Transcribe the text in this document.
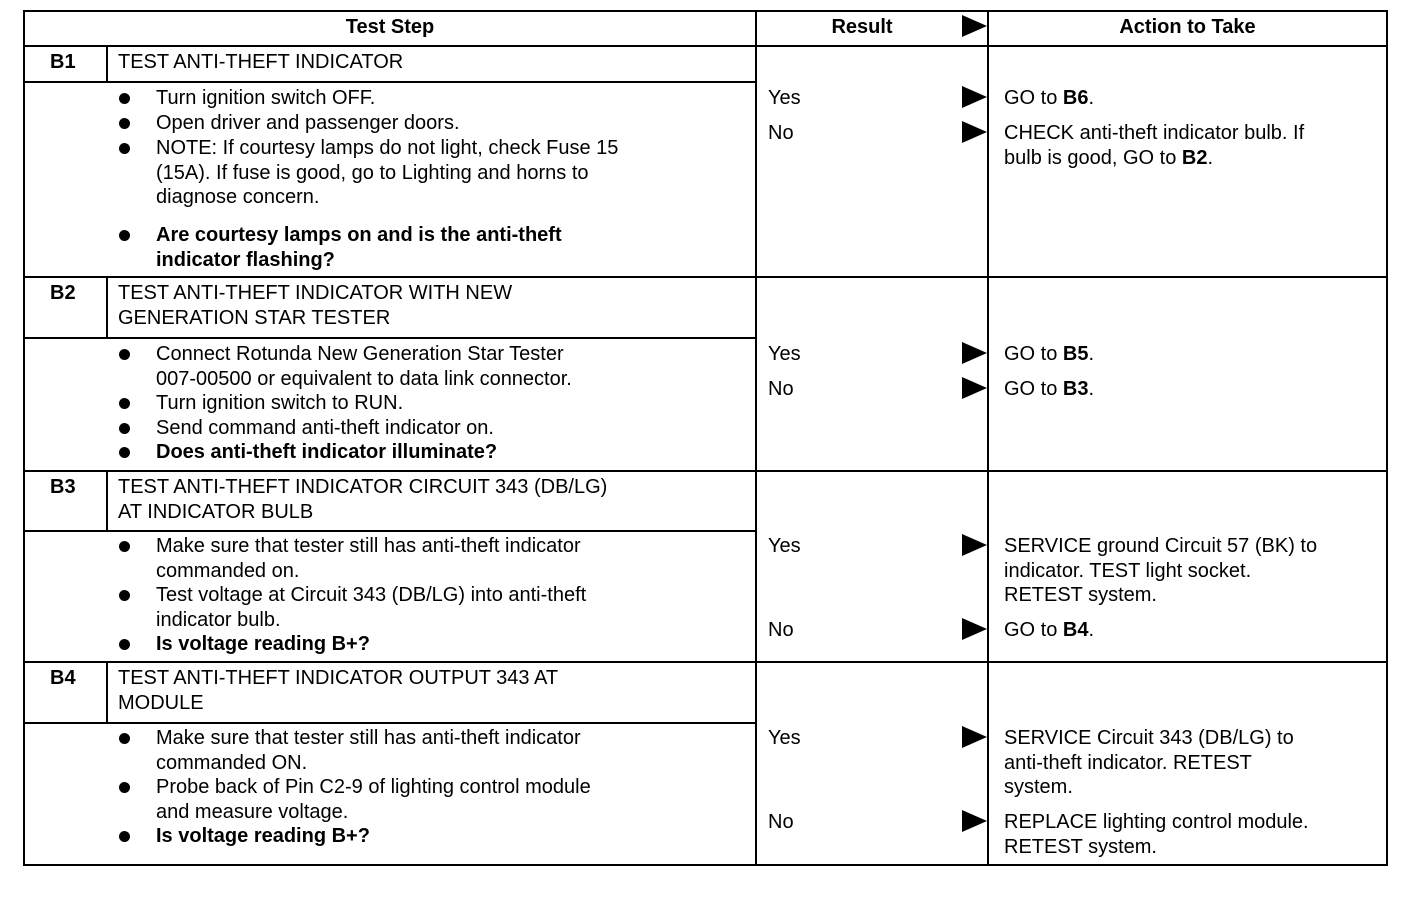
Test Step	Result	Action to Take
B1 TEST ANTI-THEFT INDICATOR
Turn ignition switch OFF.
Open driver and passenger doors.
NOTE: If courtesy lamps do not light, check Fuse 15
(15A). If fuse is good, go to Lighting and horns to
diagnose concern.
Are courtesy lamps on and is the anti-theft
indicator flashing?
Yes	GO to B6.
No	CHECK anti-theft indicator bulb. If
bulb is good, GO to B2.
B2 TEST ANTI-THEFT INDICATOR WITH NEW
GENERATION STAR TESTER
Connect Rotunda New Generation Star Tester
007-00500 or equivalent to data link connector.
Turn ignition switch to RUN.
Send command anti-theft indicator on.
Does anti-theft indicator illuminate?
Yes	GO to B5.
No	GO to B3.
B3 TEST ANTI-THEFT INDICATOR CIRCUIT 343 (DB/LG)
AT INDICATOR BULB
Make sure that tester still has anti-theft indicator
commanded on.
Test voltage at Circuit 343 (DB/LG) into anti-theft
indicator bulb.
Is voltage reading B+?
Yes	SERVICE ground Circuit 57 (BK) to
indicator. TEST light socket.
RETEST system.
No	GO to B4.
B4 TEST ANTI-THEFT INDICATOR OUTPUT 343 AT
MODULE
Make sure that tester still has anti-theft indicator
commanded ON.
Probe back of Pin C2-9 of lighting control module
and measure voltage.
Is voltage reading B+?
Yes	SERVICE Circuit 343 (DB/LG) to
anti-theft indicator. RETEST
system.
No	REPLACE lighting control module.
RETEST system.
